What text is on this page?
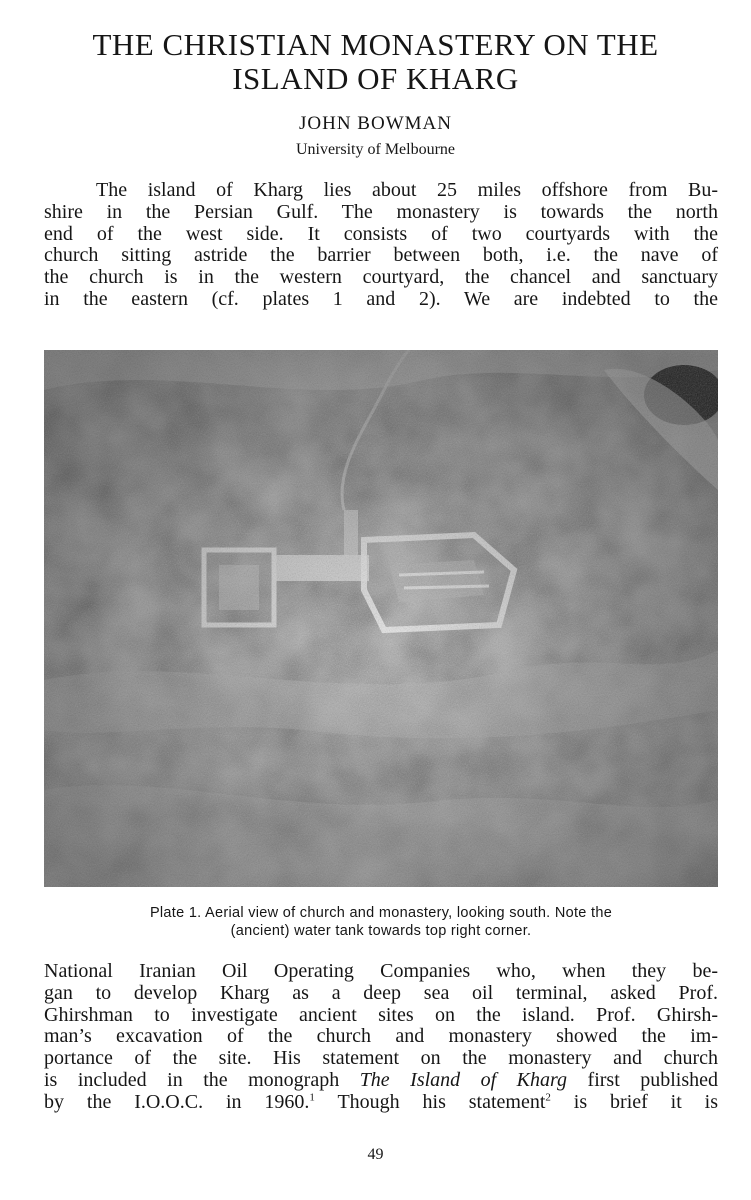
THE CHRISTIAN MONASTERY ON THE
ISLAND OF KHARG
JOHN BOWMAN
University of Melbourne
The island of Kharg lies about 25 miles offshore from Bu-
shire in the Persian Gulf. The monastery is towards the north
end of the west side. It consists of two courtyards with the
church sitting astride the barrier between both, i.e. the nave of
the church is in the western courtyard, the chancel and sanctuary
in the eastern (cf. plates 1 and 2). We are indebted to the
Plate 1. Aerial view of church and monastery, looking south. Note the
(ancient) water tank towards top right corner.
National Iranian Oil Operating Companies who, when they be-
gan to develop Kharg as a deep sea oil terminal, asked Prof.
Ghirshman to investigate ancient sites on the island. Prof. Ghirsh-
man’s excavation of the church and monastery showed the im-
portance of the site. His statement on the monastery and church
is included in the monograph The Island of Kharg first published
by the I.O.O.C. in 1960.$^1$ Though his statement$^2$ is brief it is
49
